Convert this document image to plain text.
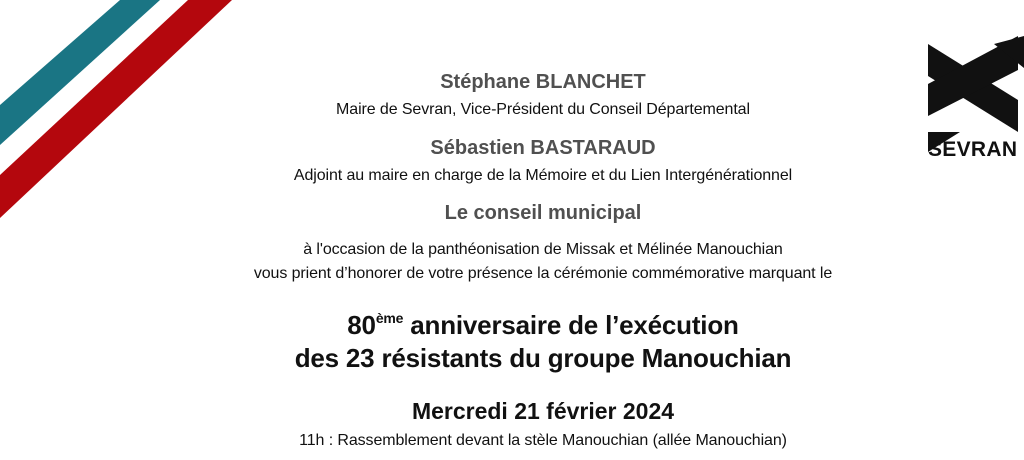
SEVRAN
Stéphane BLANCHET
Maire de Sevran, Vice-Président du Conseil Départemental
Sébastien BASTARAUD
Adjoint au maire en charge de la Mémoire et du Lien Intergénérationnel
Le conseil municipal
à l'occasion de la panthéonisation de Missak et Mélinée Manouchian
vous prient d’honorer de votre présence la cérémonie commémorative marquant le
80ème anniversaire de l’exécution
des 23 résistants du groupe Manouchian
Mercredi 21 février 2024
11h : Rassemblement devant la stèle Manouchian (allée Manouchian)
